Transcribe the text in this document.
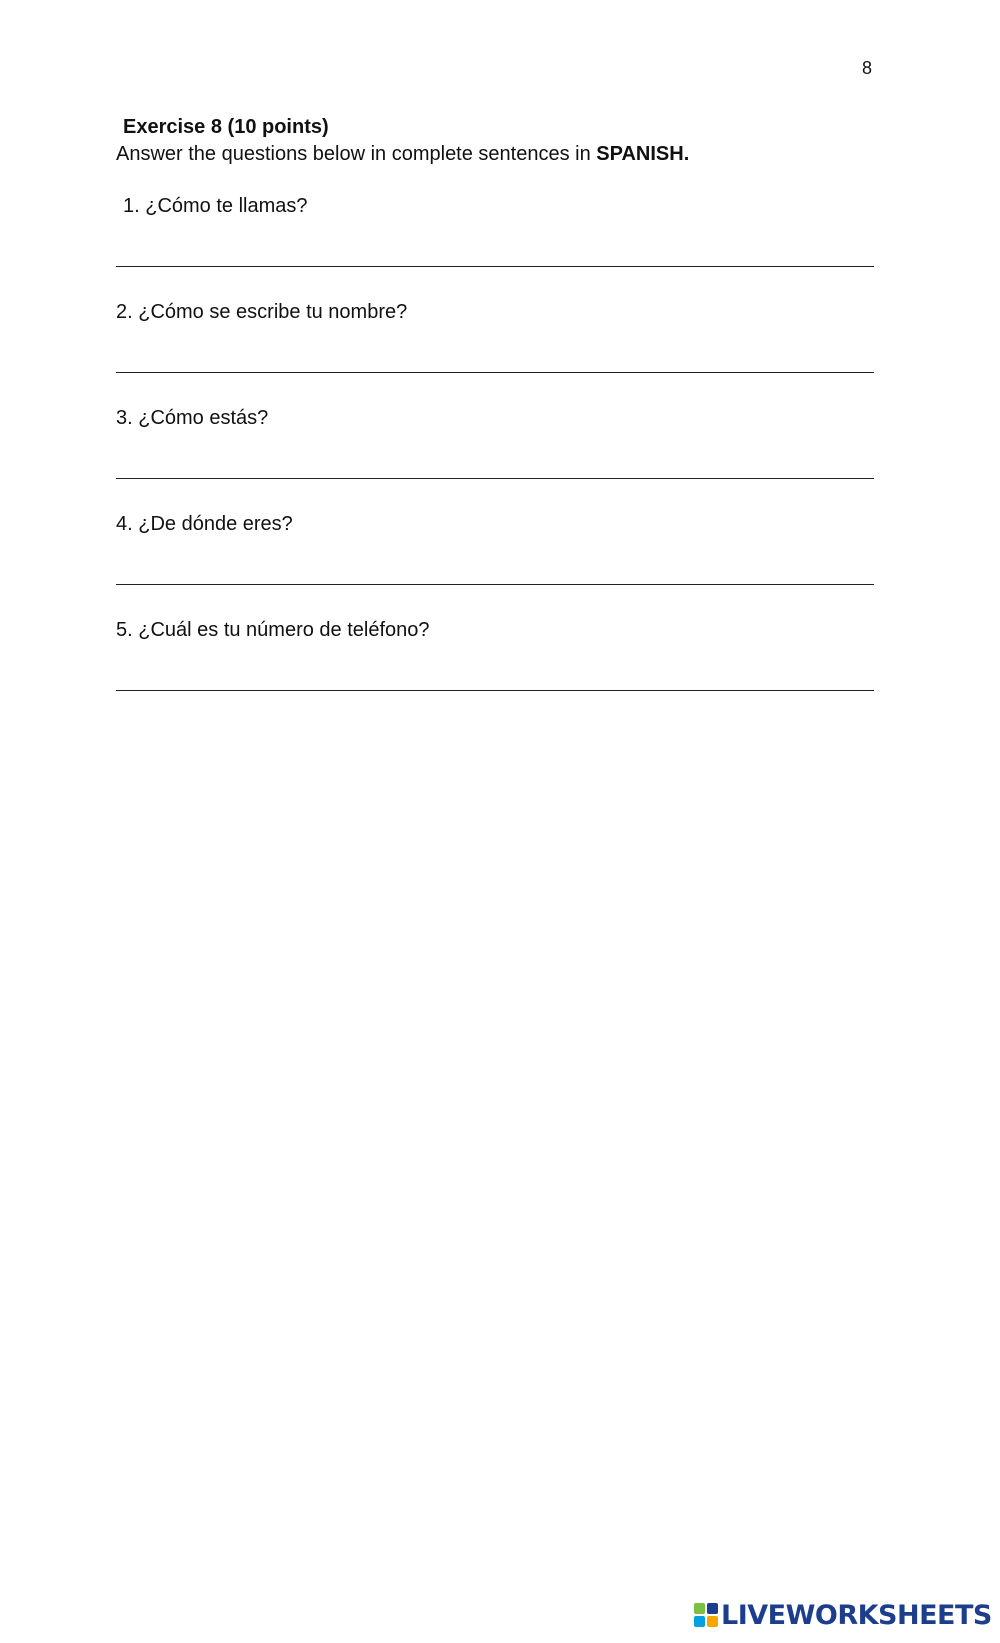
8
Exercise 8 (10 points)
Answer the questions below in complete sentences in SPANISH.
1. ¿Cómo te llamas?
2. ¿Cómo se escribe tu nombre?
3. ¿Cómo estás?
4. ¿De dónde eres?
5. ¿Cuál es tu número de teléfono?
LIVEWORKSHEETS
